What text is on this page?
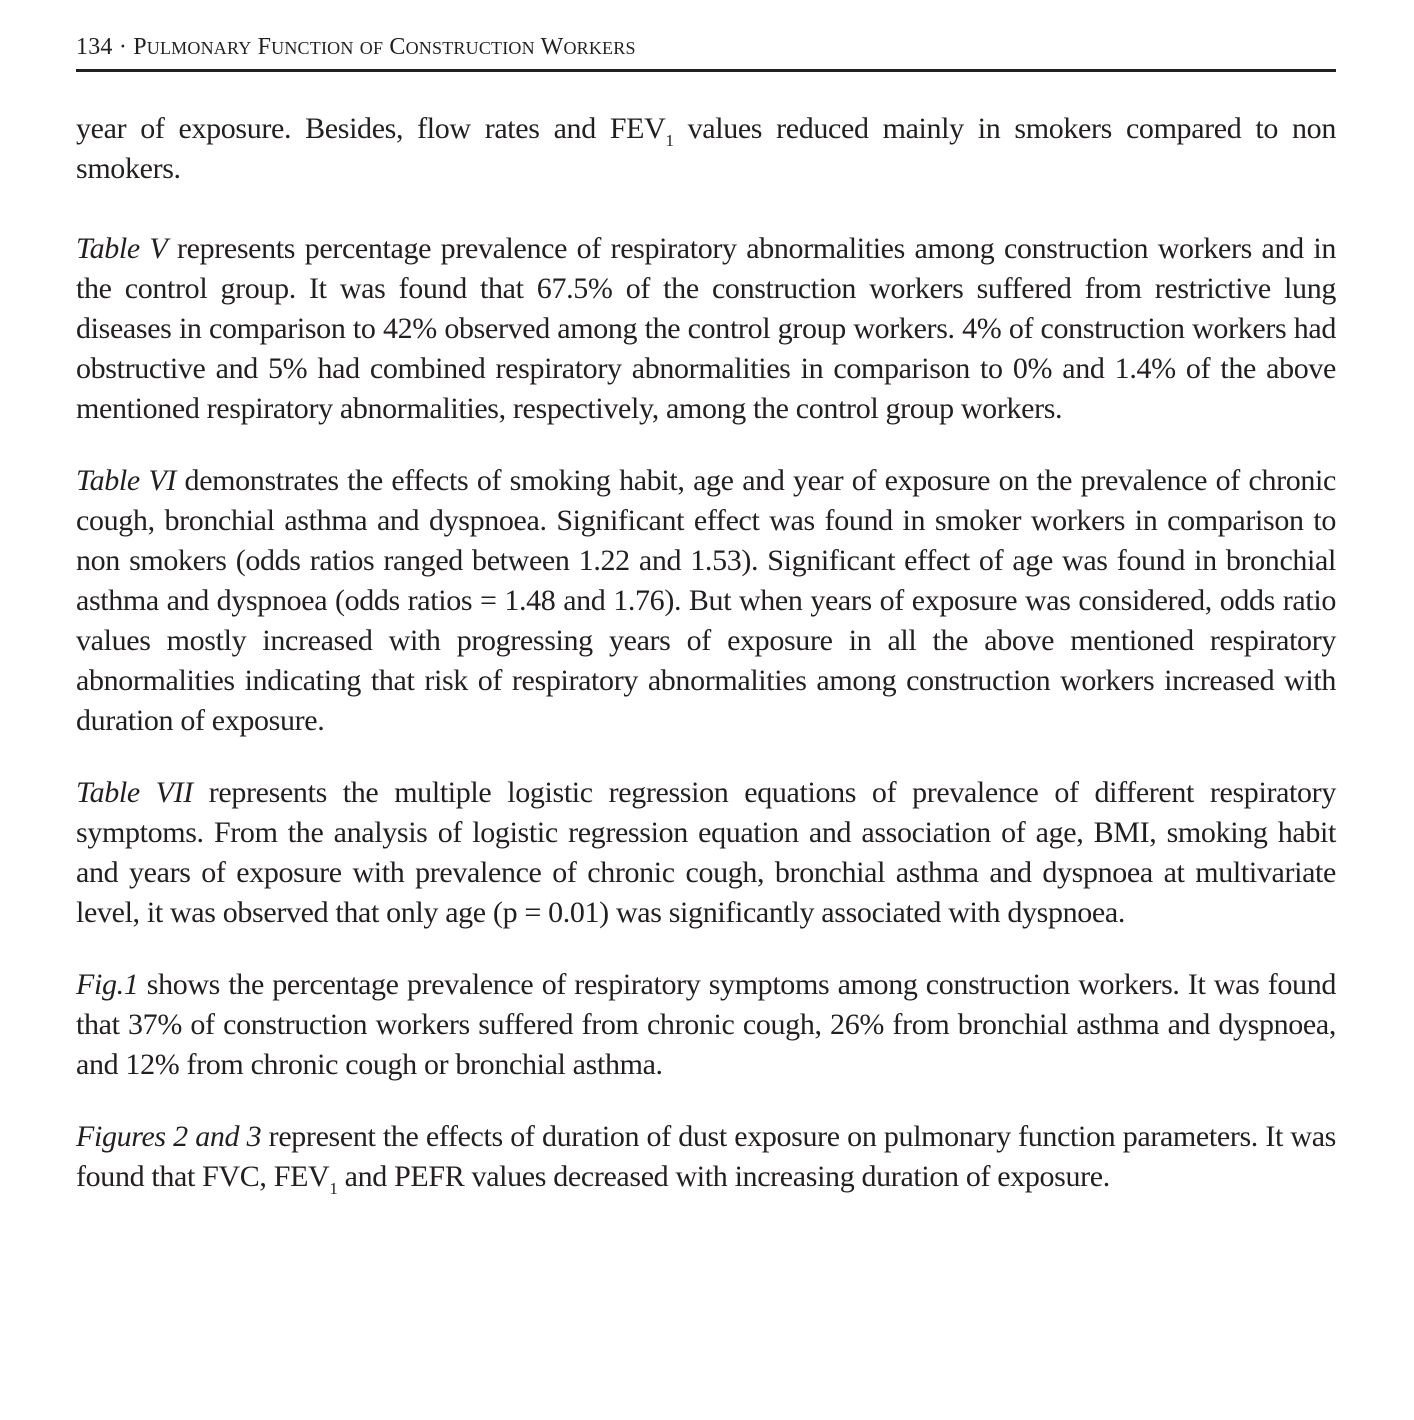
134 · PULMONARY FUNCTION OF CONSTRUCTION WORKERS

year of exposure. Besides, flow rates and $FEV_1$ values reduced mainly in smokers compared to non smokers.

Table V represents percentage prevalence of respiratory abnormalities among construction workers and in the control group. It was found that 67.5% of the construction workers suffered from restrictive lung diseases in comparison to 42% observed among the control group workers. 4% of construction workers had obstructive and 5% had combined respiratory abnormalities in comparison to 0% and 1.4% of the above mentioned respiratory abnormalities, respectively, among the control group workers.

Table VI demonstrates the effects of smoking habit, age and year of exposure on the prevalence of chronic cough, bronchial asthma and dyspnoea. Significant effect was found in smoker workers in comparison to non smokers (odds ratios ranged between 1.22 and 1.53). Significant effect of age was found in bronchial asthma and dyspnoea (odds ratios = 1.48 and 1.76). But when years of exposure was considered, odds ratio values mostly increased with progressing years of exposure in all the above mentioned respiratory abnormalities indicating that risk of respiratory abnormalities among construction workers increased with duration of exposure.

Table VII represents the multiple logistic regression equations of prevalence of different respiratory symptoms. From the analysis of logistic regression equation and association of age, BMI, smoking habit and years of exposure with prevalence of chronic cough, bronchial asthma and dyspnoea at multivariate level, it was observed that only age (p = 0.01) was significantly associated with dyspnoea.

Fig.1 shows the percentage prevalence of respiratory symptoms among construction workers. It was found that 37% of construction workers suffered from chronic cough, 26% from bronchial asthma and dyspnoea, and 12% from chronic cough or bronchial asthma.

Figures 2 and 3 represent the effects of duration of dust exposure on pulmonary function parameters. It was found that FVC, $FEV_1$ and PEFR values decreased with increasing duration of exposure.
